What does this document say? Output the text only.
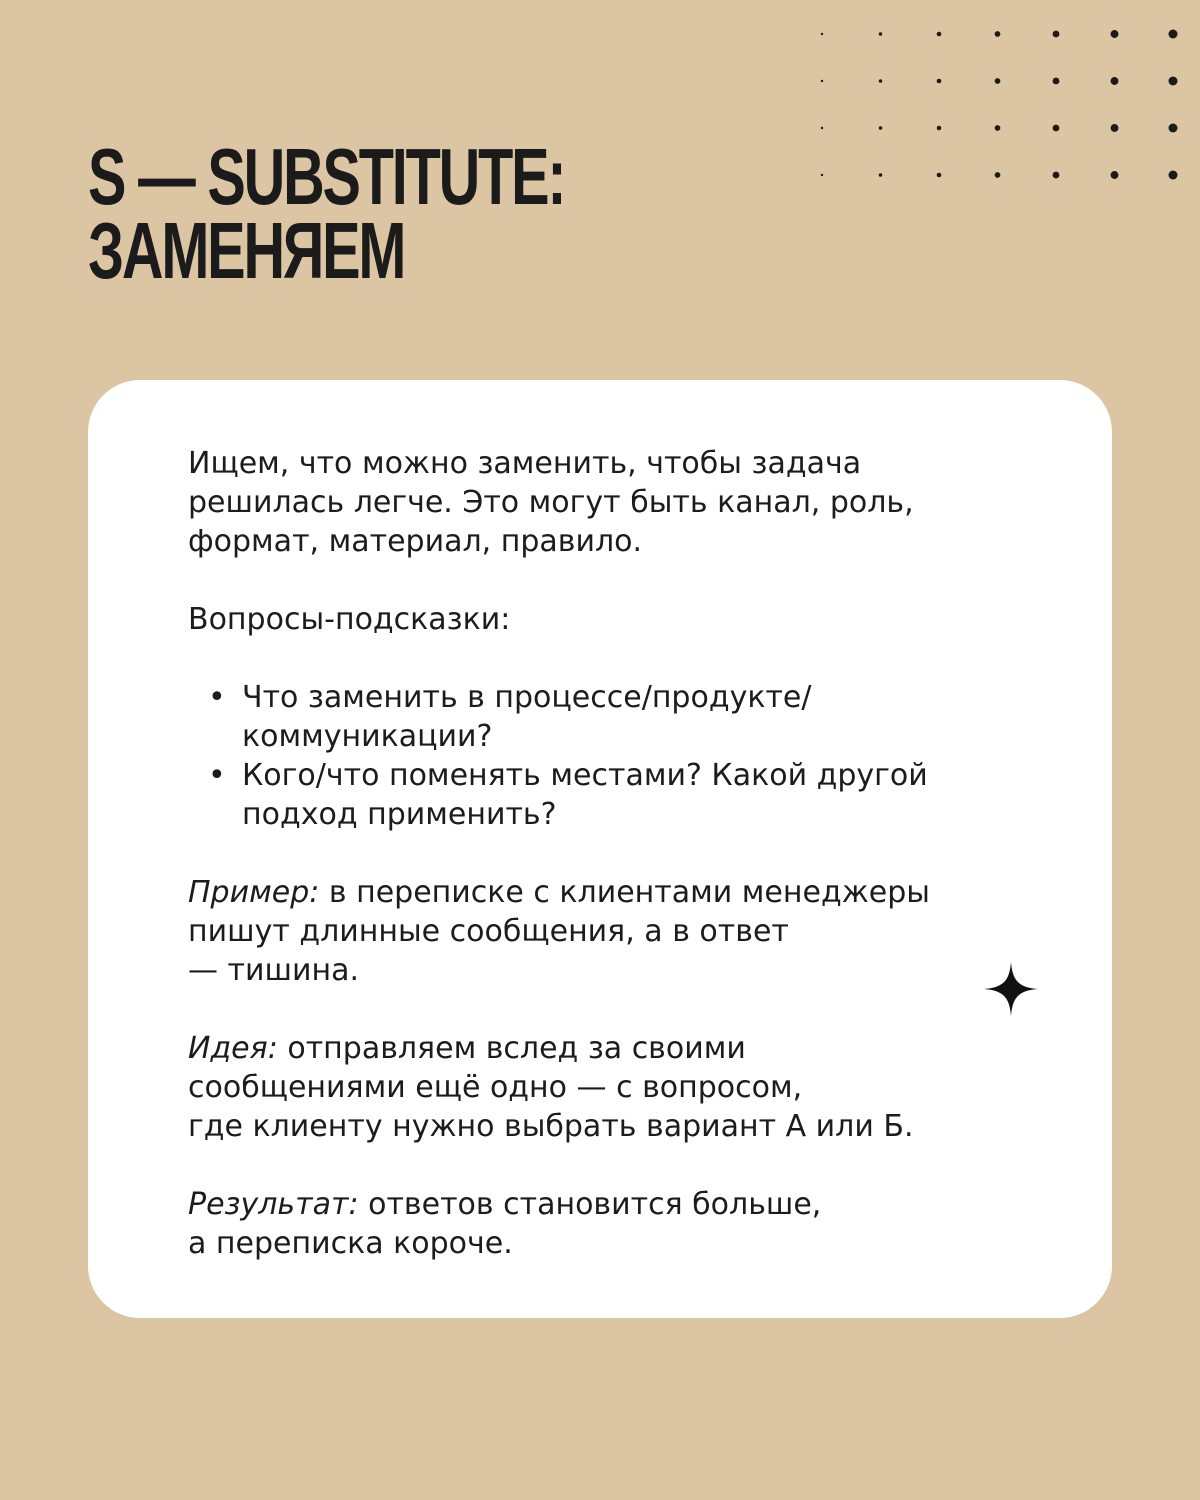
S — SUBSTITUTE:
ЗАМЕНЯЕМ

Ищем, что можно заменить, чтобы задача
решилась легче. Это могут быть канал, роль,
формат, материал, правило.

Вопросы-подсказки:

• Что заменить в процессе/продукте/
коммуникации?
• Кого/что поменять местами? Какой другой
подход применить?

Пример: в переписке с клиентами менеджеры
пишут длинные сообщения, а в ответ
— тишина.

Идея: отправляем вслед за своими
сообщениями ещё одно — с вопросом,
где клиенту нужно выбрать вариант А или Б.

Результат: ответов становится больше,
а переписка короче.
